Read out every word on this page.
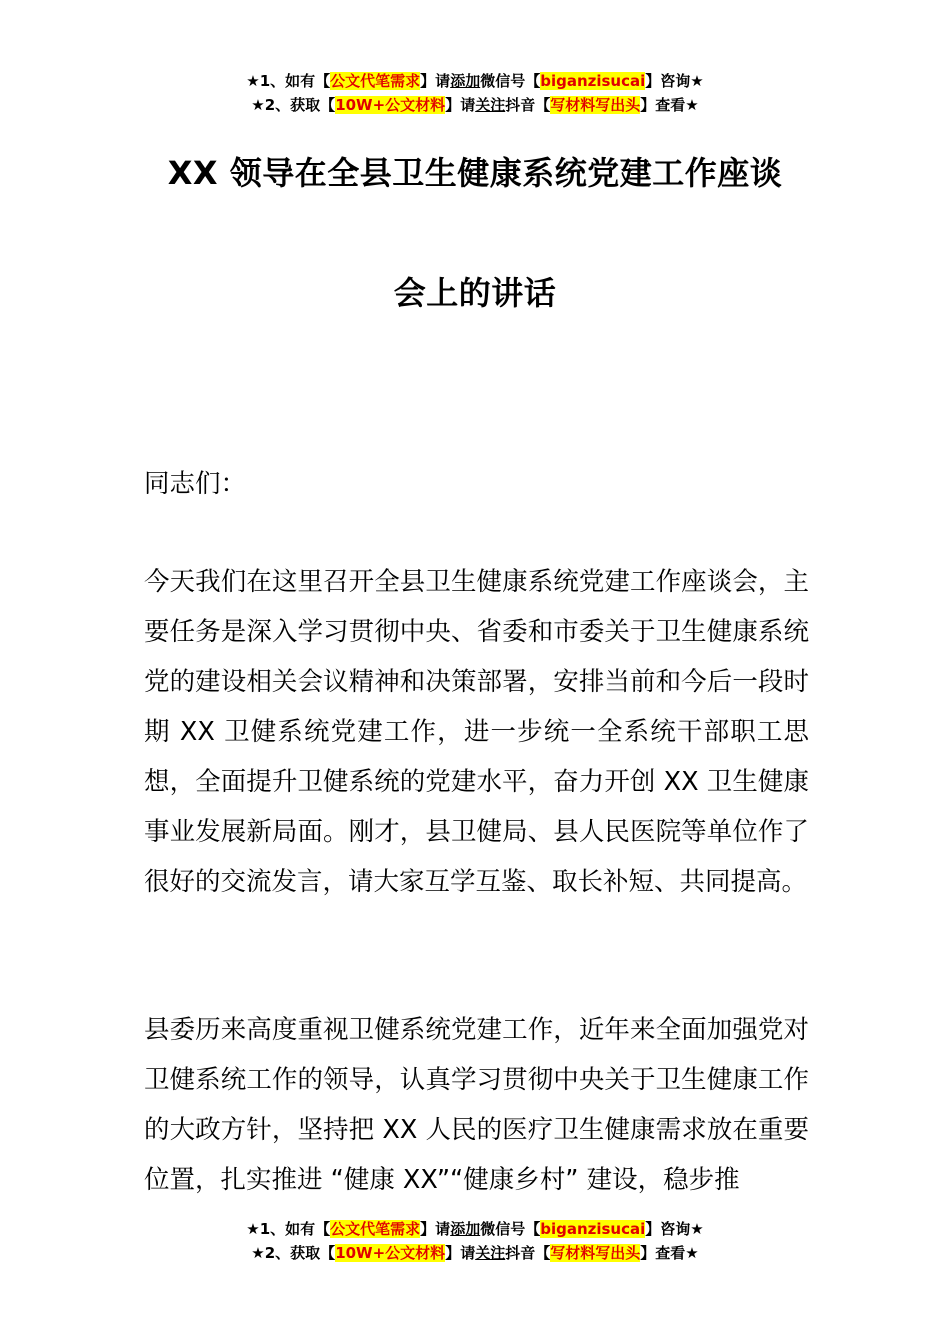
★1、如有【公文代笔需求】请添加微信号【biganzisucai】咨询★
★2、获取【10W+公文材料】请关注抖音【写材料写出头】查看★
XX 领导在全县卫生健康系统党建工作座谈
会上的讲话

同志们：

今天我们在这里召开全县卫生健康系统党建工作座谈会，主要任务是深入学习贯彻中央、省委和市委关于卫生健康系统党的建设相关会议精神和决策部署，安排当前和今后一段时期 XX 卫健系统党建工作，进一步统一全系统干部职工思想，全面提升卫健系统的党建水平，奋力开创 XX 卫生健康事业发展新局面。刚才，县卫健局、县人民医院等单位作了很好的交流发言，请大家互学互鉴、取长补短、共同提高。

县委历来高度重视卫健系统党建工作，近年来全面加强党对卫健系统工作的领导，认真学习贯彻中央关于卫生健康工作的大政方针，坚持把 XX 人民的医疗卫生健康需求放在重要位置，扎实推进 “健康 XX”“健康乡村” 建设，稳步推

★1、如有【公文代笔需求】请添加微信号【biganzisucai】咨询★
★2、获取【10W+公文材料】请关注抖音【写材料写出头】查看★
